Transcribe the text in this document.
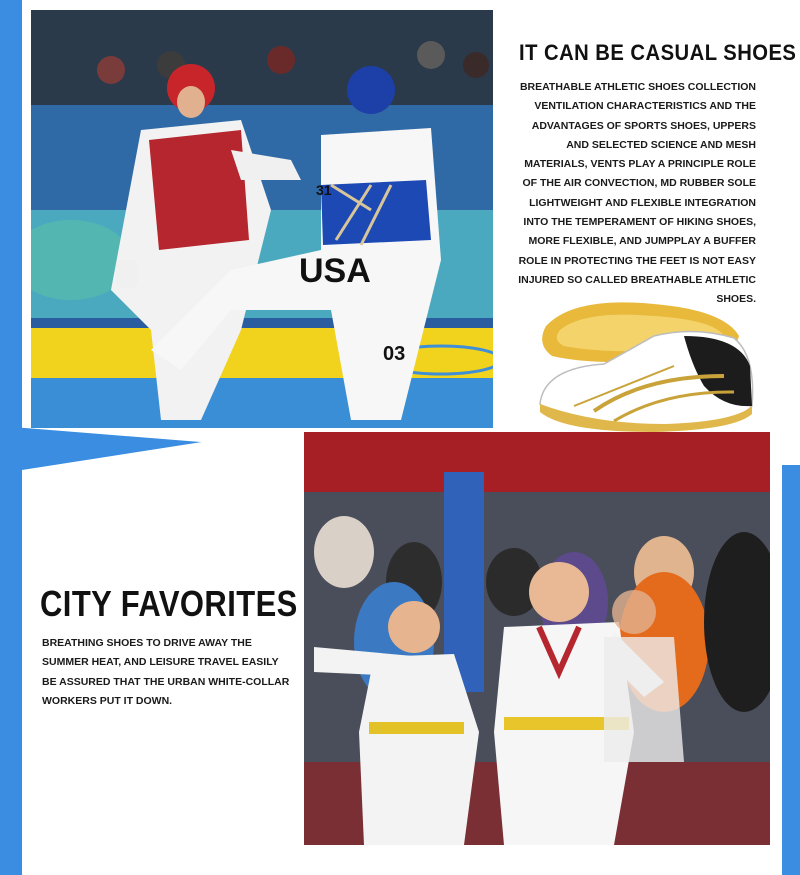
USA
31
03
IT CAN BE CASUAL SHOES

BREATHABLE ATHLETIC SHOES COLLECTION VENTILATION CHARACTERISTICS AND THE ADVANTAGES OF SPORTS SHOES, UPPERS AND SELECTED SCIENCE AND MESH MATERIALS, VENTS PLAY A PRINCIPLE ROLE OF THE AIR CONVECTION, MD RUBBER SOLE LIGHTWEIGHT AND FLEXIBLE INTEGRATION INTO THE TEMPERAMENT OF HIKING SHOES, MORE FLEXIBLE, AND JUMPPLAY A BUFFER ROLE IN PROTECTING THE FEET IS NOT EASY INJURED SO CALLED BREATHABLE ATHLETIC SHOES.

CITY FAVORITES

BREATHING SHOES TO DRIVE AWAY THE SUMMER HEAT, AND LEISURE TRAVEL EASILY BE ASSURED THAT THE URBAN WHITE-COLLAR WORKERS PUT IT DOWN.
